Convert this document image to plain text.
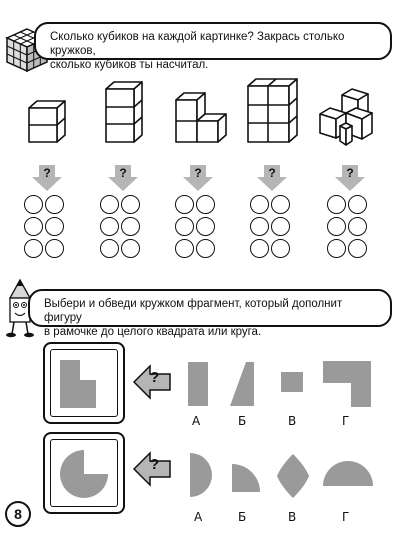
Сколько кубиков на каждой картинке? Закрась столько кружков,
сколько кубиков ты насчитал.
?	?	?	?	?
Выбери и обведи кружком фрагмент, который дополнит фигуру
в рамочке до целого квадрата или круга.
?
А	Б	В	Г
?
А	Б	В	Г
8
